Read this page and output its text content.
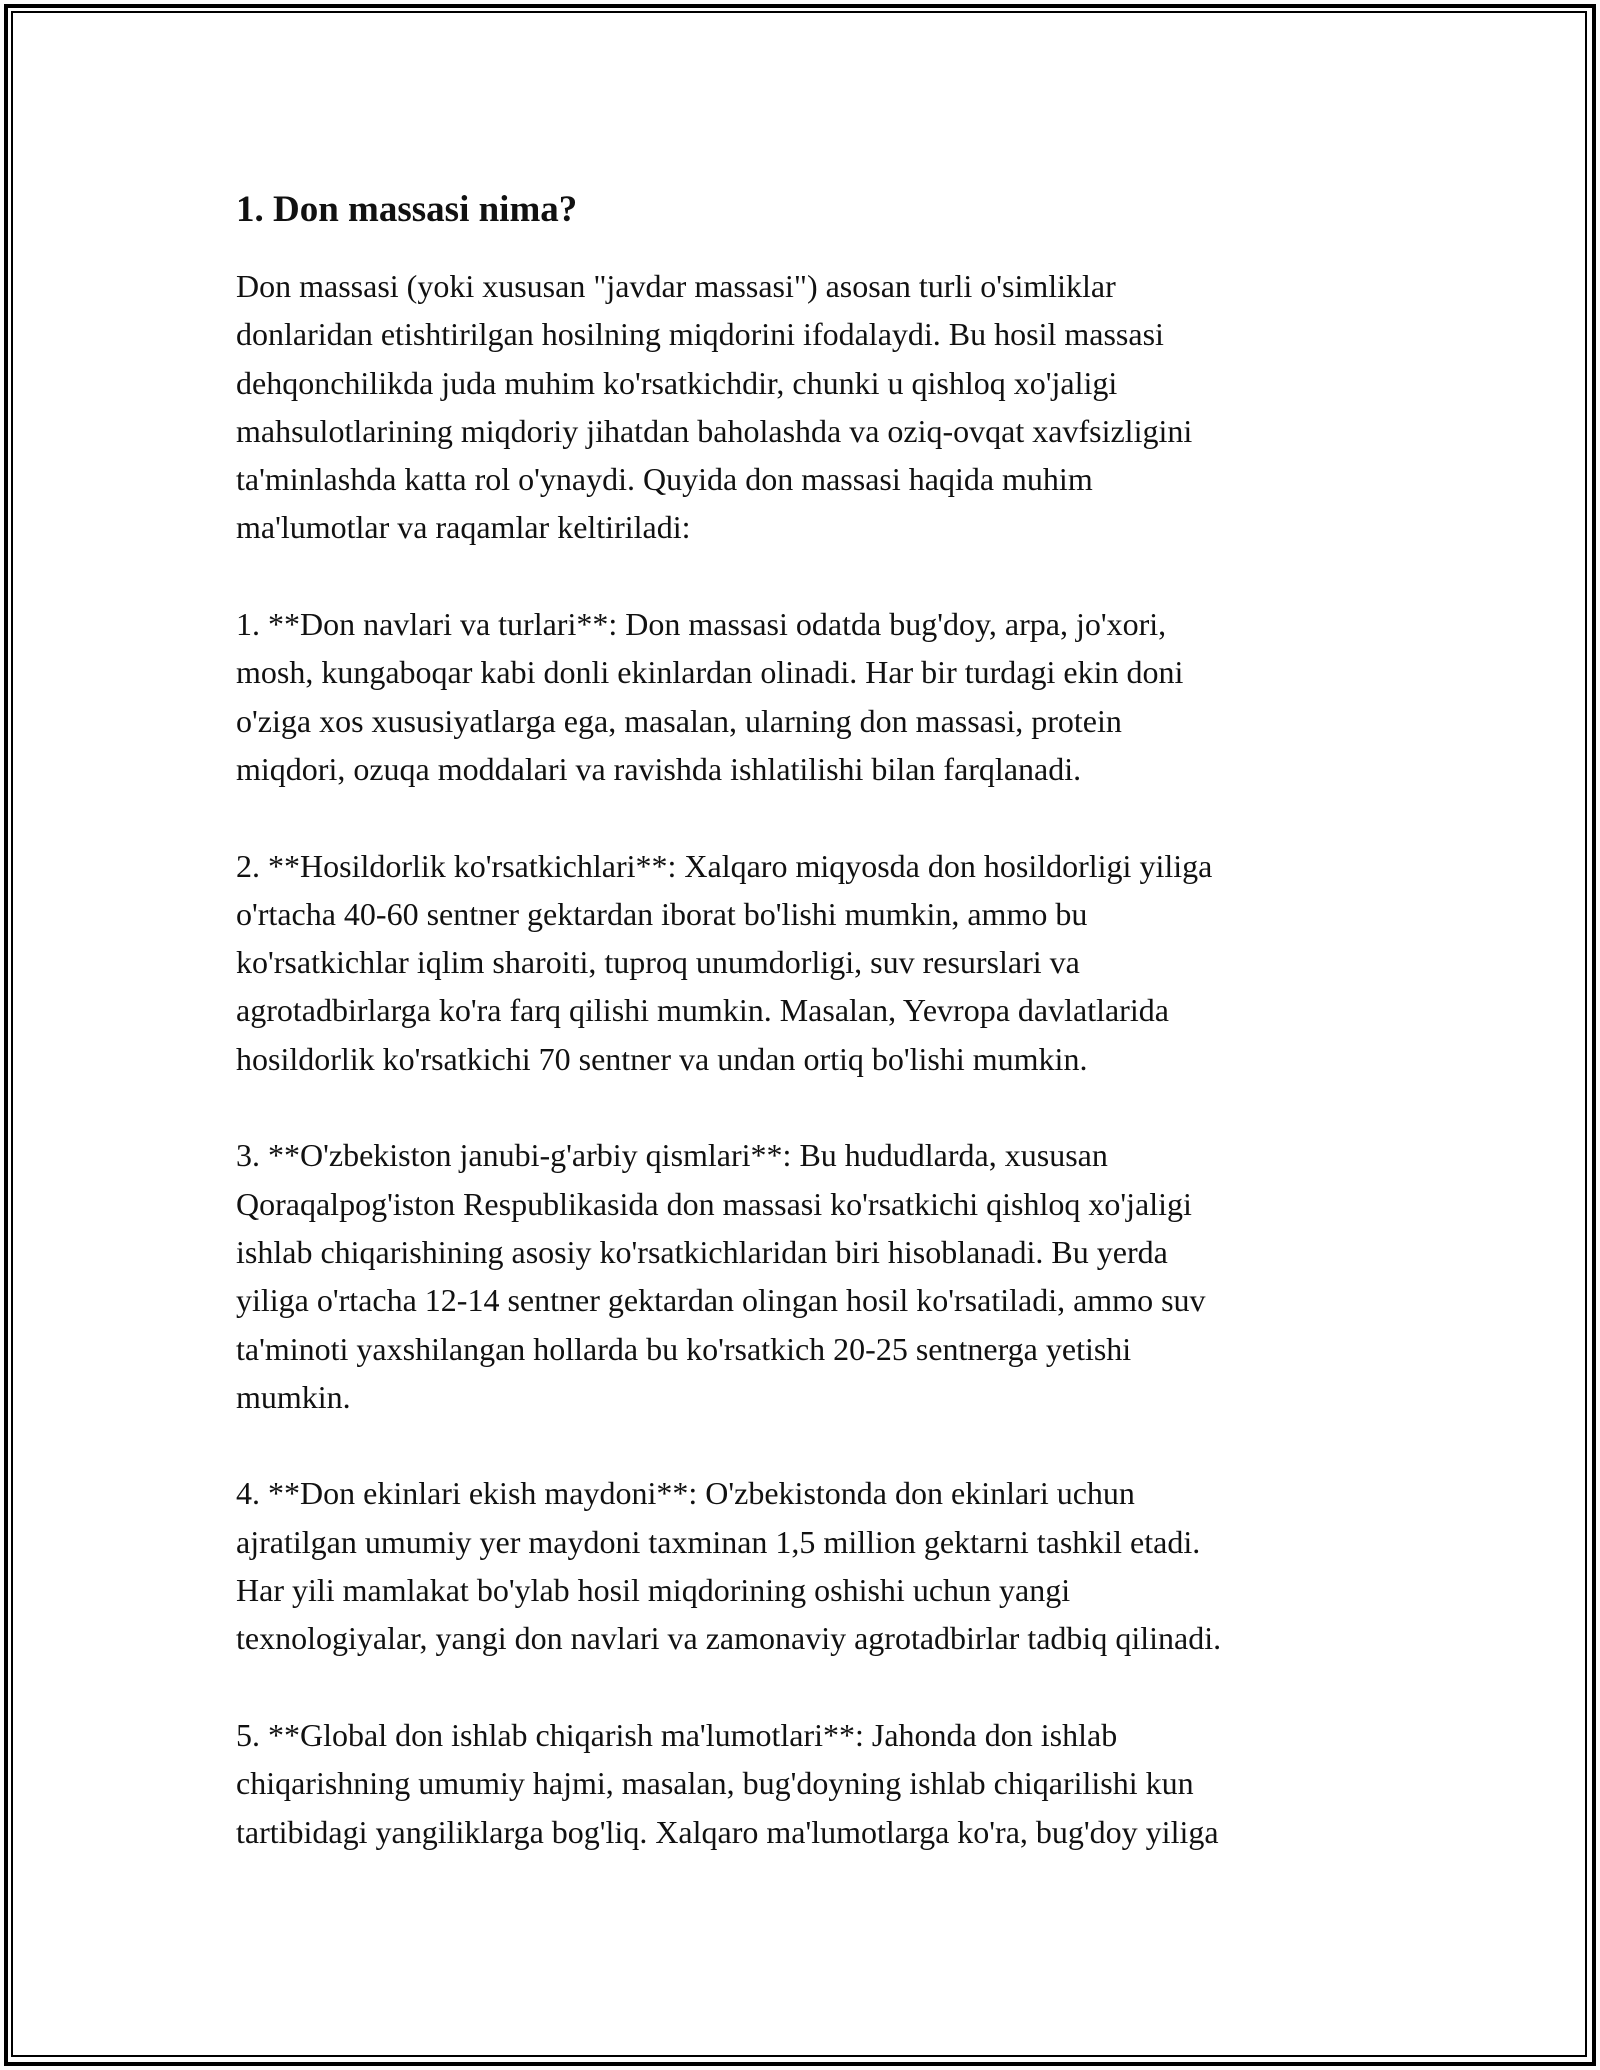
1. Don massasi nima?

Don massasi (yoki xususan "javdar massasi") asosan turli o'simliklar
donlaridan etishtirilgan hosilning miqdorini ifodalaydi. Bu hosil massasi
dehqonchilikda juda muhim ko'rsatkichdir, chunki u qishloq xo'jaligi
mahsulotlarining miqdoriy jihatdan baholashda va oziq-ovqat xavfsizligini
ta'minlashda katta rol o'ynaydi. Quyida don massasi haqida muhim
ma'lumotlar va raqamlar keltiriladi:

1. **Don navlari va turlari**: Don massasi odatda bug'doy, arpa, jo'xori,
mosh, kungaboqar kabi donli ekinlardan olinadi. Har bir turdagi ekin doni
o'ziga xos xususiyatlarga ega, masalan, ularning don massasi, protein
miqdori, ozuqa moddalari va ravishda ishlatilishi bilan farqlanadi.

2. **Hosildorlik ko'rsatkichlari**: Xalqaro miqyosda don hosildorligi yiliga
o'rtacha 40-60 sentner gektardan iborat bo'lishi mumkin, ammo bu
ko'rsatkichlar iqlim sharoiti, tuproq unumdorligi, suv resurslari va
agrotadbirlarga ko'ra farq qilishi mumkin. Masalan, Yevropa davlatlarida
hosildorlik ko'rsatkichi 70 sentner va undan ortiq bo'lishi mumkin.

3. **O'zbekiston janubi-g'arbiy qismlari**: Bu hududlarda, xususan
Qoraqalpog'iston Respublikasida don massasi ko'rsatkichi qishloq xo'jaligi
ishlab chiqarishining asosiy ko'rsatkichlaridan biri hisoblanadi. Bu yerda
yiliga o'rtacha 12-14 sentner gektardan olingan hosil ko'rsatiladi, ammo suv
ta'minoti yaxshilangan hollarda bu ko'rsatkich 20-25 sentnerga yetishi
mumkin.

4. **Don ekinlari ekish maydoni**: O'zbekistonda don ekinlari uchun
ajratilgan umumiy yer maydoni taxminan 1,5 million gektarni tashkil etadi.
Har yili mamlakat bo'ylab hosil miqdorining oshishi uchun yangi
texnologiyalar, yangi don navlari va zamonaviy agrotadbirlar tadbiq qilinadi.

5. **Global don ishlab chiqarish ma'lumotlari**: Jahonda don ishlab
chiqarishning umumiy hajmi, masalan, bug'doyning ishlab chiqarilishi kun
tartibidagi yangiliklarga bog'liq. Xalqaro ma'lumotlarga ko'ra, bug'doy yiliga
